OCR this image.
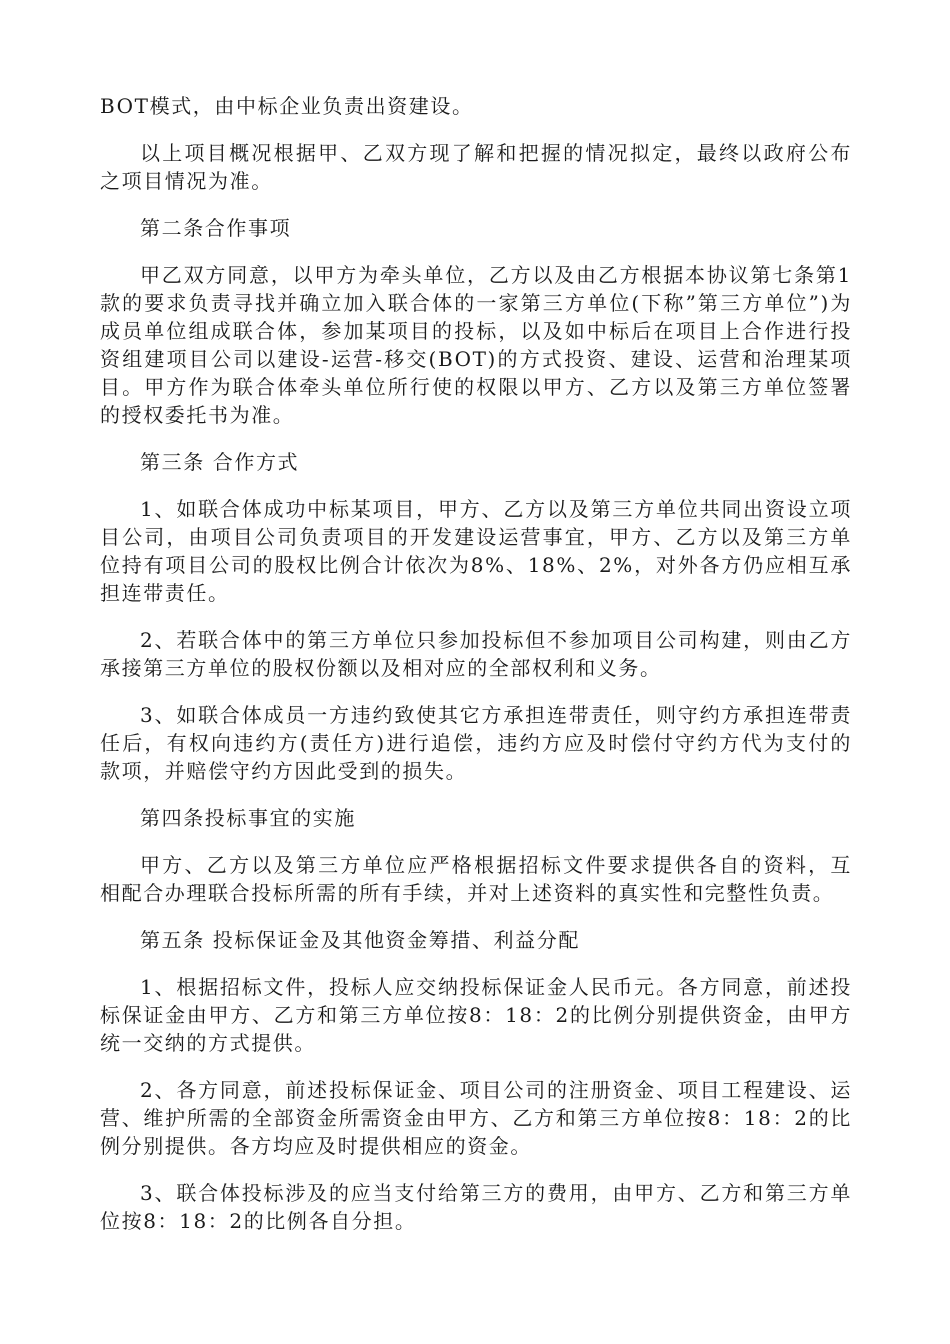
BOT模式，由中标企业负责出资建设。

以上项目概况根据甲、乙双方现了解和把握的情况拟定，最终以政府公布之项目情况为准。

第二条合作事项

甲乙双方同意，以甲方为牵头单位，乙方以及由乙方根据本协议第七条第1款的要求负责寻找并确立加入联合体的一家第三方单位(下称”第三方单位”)为成员单位组成联合体，参加某项目的投标，以及如中标后在项目上合作进行投资组建项目公司以建设-运营-移交(BOT)的方式投资、建设、运营和治理某项目。甲方作为联合体牵头单位所行使的权限以甲方、乙方以及第三方单位签署的授权委托书为准。

第三条 合作方式

1、如联合体成功中标某项目，甲方、乙方以及第三方单位共同出资设立项目公司，由项目公司负责项目的开发建设运营事宜，甲方、乙方以及第三方单位持有项目公司的股权比例合计依次为8%、18%、2%，对外各方仍应相互承担连带责任。

2、若联合体中的第三方单位只参加投标但不参加项目公司构建，则由乙方承接第三方单位的股权份额以及相对应的全部权利和义务。

3、如联合体成员一方违约致使其它方承担连带责任，则守约方承担连带责任后，有权向违约方(责任方)进行追偿，违约方应及时偿付守约方代为支付的款项，并赔偿守约方因此受到的损失。

第四条投标事宜的实施

甲方、乙方以及第三方单位应严格根据招标文件要求提供各自的资料，互相配合办理联合投标所需的所有手续，并对上述资料的真实性和完整性负责。

第五条 投标保证金及其他资金筹措、利益分配

1、根据招标文件，投标人应交纳投标保证金人民币元。各方同意，前述投标保证金由甲方、乙方和第三方单位按8：18：2的比例分别提供资金，由甲方统一交纳的方式提供。

2、各方同意，前述投标保证金、项目公司的注册资金、项目工程建设、运营、维护所需的全部资金所需资金由甲方、乙方和第三方单位按8：18：2的比例分别提供。各方均应及时提供相应的资金。

3、联合体投标涉及的应当支付给第三方的费用，由甲方、乙方和第三方单位按8：18：2的比例各自分担。
